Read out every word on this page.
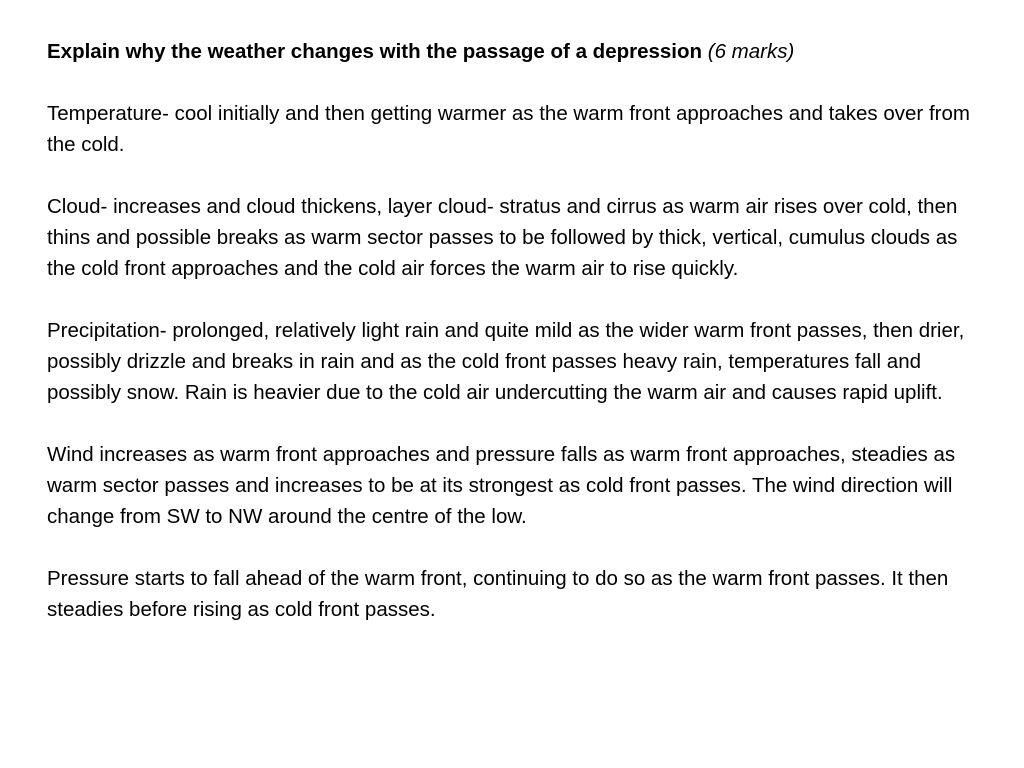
Explain why the weather changes with the passage of a depression (6 marks)

Temperature- cool initially and then getting warmer as the warm front approaches and takes over from the cold.

Cloud- increases and cloud thickens, layer cloud- stratus and cirrus as warm air rises over cold, then thins and possible breaks as warm sector passes to be followed by thick, vertical, cumulus clouds as the cold front approaches and the cold air forces the warm air to rise quickly.

Precipitation- prolonged, relatively light rain and quite mild as the wider warm front passes, then drier, possibly drizzle and breaks in rain and as the cold front passes heavy rain, temperatures fall and possibly snow. Rain is heavier due to the cold air undercutting the warm air and causes rapid uplift.

Wind increases as warm front approaches and pressure falls as warm front approaches, steadies as warm sector passes and increases to be at its strongest as cold front passes. The wind direction will change from SW to NW around the centre of the low.

Pressure starts to fall ahead of the warm front, continuing to do so as the warm front passes. It then steadies before rising as cold front passes.
